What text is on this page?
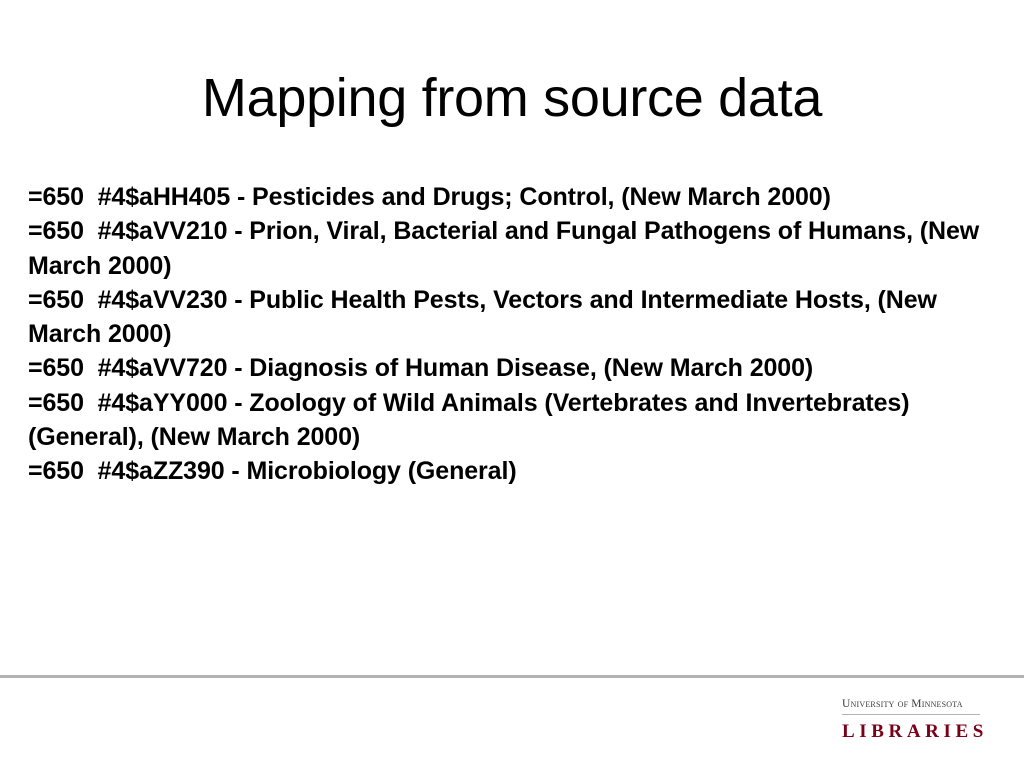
Mapping from source data
=650  #4$aHH405 - Pesticides and Drugs; Control, (New March 2000)
=650  #4$aVV210 - Prion, Viral, Bacterial and Fungal Pathogens of Humans, (New March 2000)
=650  #4$aVV230 - Public Health Pests, Vectors and Intermediate Hosts, (New March 2000)
=650  #4$aVV720 - Diagnosis of Human Disease, (New March 2000)
=650  #4$aYY000 - Zoology of Wild Animals (Vertebrates and Invertebrates) (General), (New March 2000)
=650  #4$aZZ390 - Microbiology (General)
University of Minnesota
LIBRARIES
